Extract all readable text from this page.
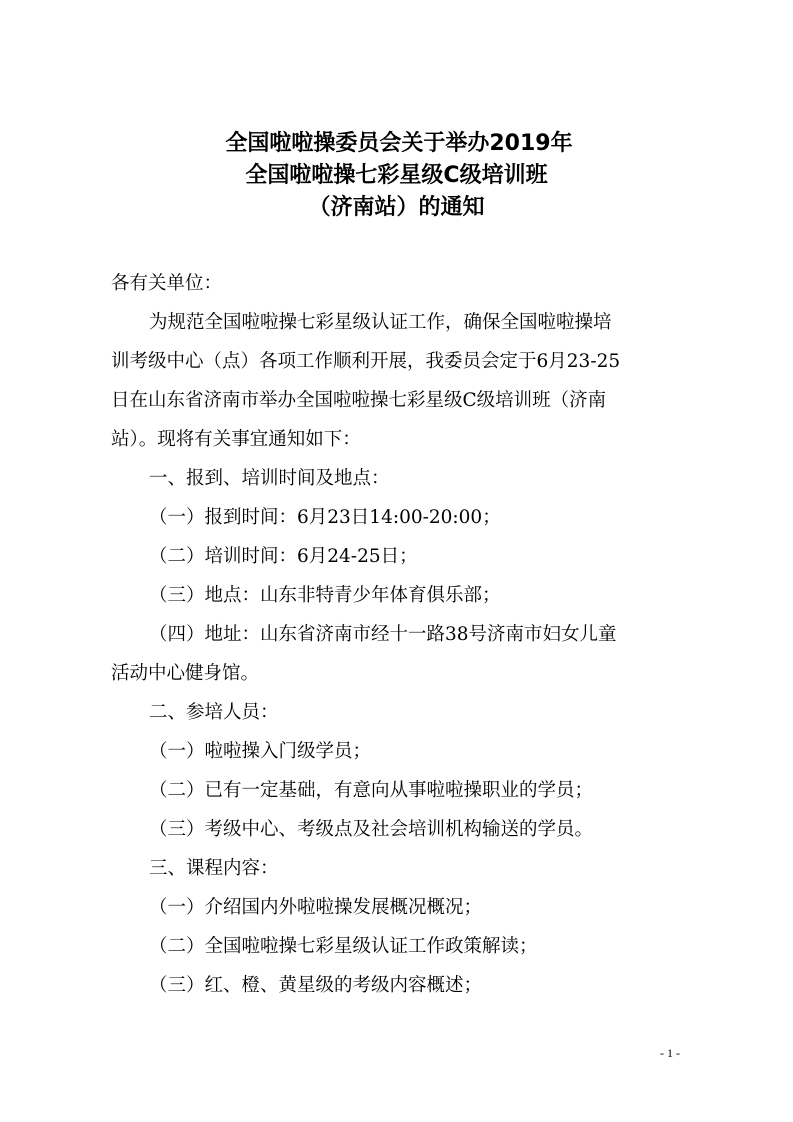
全国啦啦操委员会关于举办2019年
全国啦啦操七彩星级C级培训班
（济南站）的通知

各有关单位：

为规范全国啦啦操七彩星级认证工作，确保全国啦啦操培

训考级中心（点）各项工作顺利开展，我委员会定于6月23-25

日在山东省济南市举办全国啦啦操七彩星级C级培训班（济南

站）。现将有关事宜通知如下：

一、报到、培训时间及地点：

（一）报到时间：6月23日14:00-20:00；

（二）培训时间：6月24-25日；

（三）地点：山东非特青少年体育俱乐部；

（四）地址：山东省济南市经十一路38号济南市妇女儿童

活动中心健身馆。

二、参培人员：

（一）啦啦操入门级学员；

（二）已有一定基础，有意向从事啦啦操职业的学员；

（三）考级中心、考级点及社会培训机构输送的学员。

三、课程内容：

（一）介绍国内外啦啦操发展概况概况；

（二）全国啦啦操七彩星级认证工作政策解读；

（三）红、橙、黄星级的考级内容概述；

- 1 -
